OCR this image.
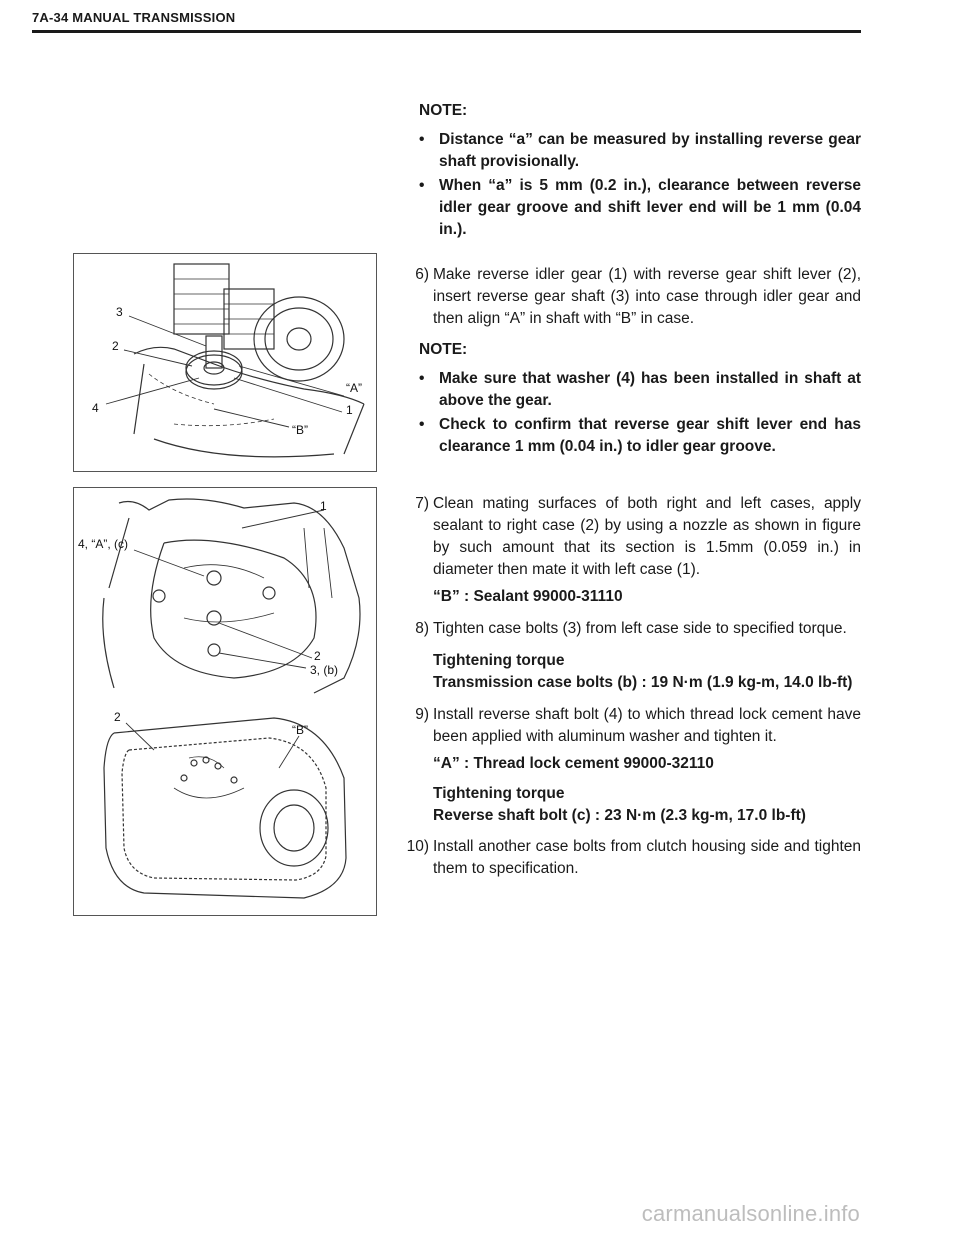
7A-34 MANUAL TRANSMISSION
NOTE:
• Distance “a” can be measured by installing reverse gear shaft provisionally.
• When “a” is 5 mm (0.2 in.), clearance between reverse idler gear groove and shift lever end will be 1 mm (0.04 in.).
3
2
4
“A”
1
“B”
6) Make reverse idler gear (1) with reverse gear shift lever (2), insert reverse gear shaft (3) into case through idler gear and then align “A” in shaft with “B” in case.
NOTE:
• Make sure that washer (4) has been installed in shaft at above the gear.
• Check to confirm that reverse gear shift lever end has clearance 1 mm (0.04 in.) to idler gear groove.
1
4, “A”, (c)
2
3, (b)
2
“B”
7) Clean mating surfaces of both right and left cases, apply sealant to right case (2) by using a nozzle as shown in figure by such amount that its section is 1.5mm (0.059 in.) in diameter then mate it with left case (1).
“B” : Sealant 99000-31110
8) Tighten case bolts (3) from left case side to specified torque.
Tightening torque
Transmission case bolts (b) : 19 N·m (1.9 kg-m, 14.0 lb-ft)
9) Install reverse shaft bolt (4) to which thread lock cement have been applied with aluminum washer and tighten it.
“A” : Thread lock cement 99000-32110
Tightening torque
Reverse shaft bolt (c) : 23 N·m (2.3 kg-m, 17.0 lb-ft)
10) Install another case bolts from clutch housing side and tighten them to specification.
carmanualsonline.info
